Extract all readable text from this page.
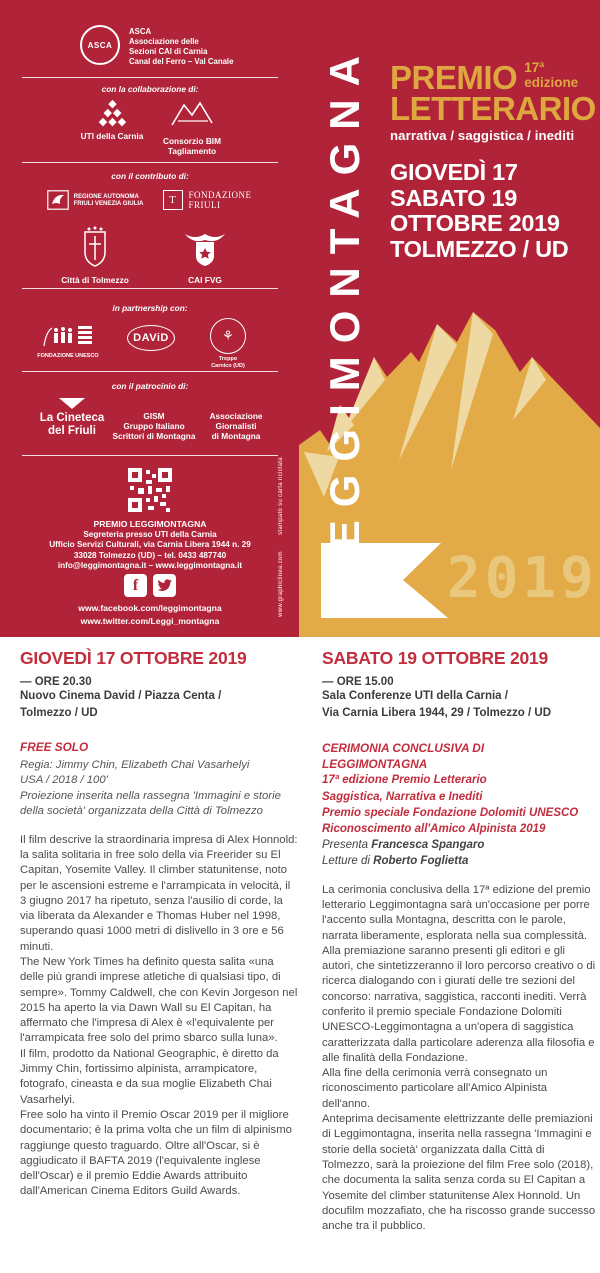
2019
LEGGIMONTAGNA PREMIO 17ª edizione
LETTERARIO
narrativa / saggistica / inediti
GIOVEDÌ 17
SABATO 19
OTTOBRE 2019
TOLMEZZO / UD
ASCA
ASCA
Associazione delle
Sezioni CAI di Carnia
Canal del Ferro – Val Canale
con la collaborazione di:
◆
◆ ◆
◆ ◆ ◆
UTI della Carnia	Consorzio BIM
Tagliamento
con il contributo di:
REGIONE AUTONOMA
FRIULI VENEZIA GIULIA	T	FONDAZIONE
FRIULI
CAI FVG
Città di Tolmezzo
in partnership con:
FONDAZIONE UNESCO
DAViD	⚘
Treppo
Carnico (UD)
con il patrocinio di:
La Cineteca
del Friuli
GISM
Gruppo Italiano
Scrittori di Montagna
Associazione
Giornalisti
di Montagna
PREMIO LEGGIMONTAGNA
Segreteria presso UTI della Carnia
Ufficio Servizi Culturali, via Carnia Libera 1944 n. 29
33028 Tolmezzo (UD) – tel. 0433 487740
info@leggimontagna.it – www.leggimontagna.it
f
www.facebook.com/leggimontagna
www.twitter.com/Leggi_montagna
stampato su carta riciclata
www.graphiclinea.com
GIOVEDÌ 17 OTTOBRE 2019
— ORE 20.30
Nuovo Cinema David / Piazza Centa /
Tolmezzo / UD
FREE SOLO
Regia: Jimmy Chin, Elizabeth Chai Vasarhelyi
USA / 2018 / 100'
Proiezione inserita nella rassegna 'Immagini e storie della società' organizzata della Città di Tolmezzo

Il film descrive la straordinaria impresa di Alex Honnold: la salita solitaria in free solo della via Freerider su El Capitan, Yosemite Valley. Il climber statunitense, noto per le ascensioni estreme e l'arrampicata in velocità, il 3 giugno 2017 ha ripetuto, senza l'ausilio di corde, la via liberata da Alexander e Thomas Huber nel 1998, superando quasi 1000 metri di dislivello in 3 ore e 56 minuti.

The New York Times ha definito questa salita «una delle più grandi imprese atletiche di qualsiasi tipo, di sempre». Tommy Caldwell, che con Kevin Jorgeson nel 2015 ha aperto la via Dawn Wall su El Capitan, ha affermato che l'impresa di Alex è «l'equivalente per l'arrampicata free solo del primo sbarco sulla luna».

Il film, prodotto da National Geographic, è diretto da Jimmy Chin, fortissimo alpinista, arrampicatore, fotografo, cineasta e da sua moglie Elizabeth Chai Vasarhelyi.

Free solo ha vinto il Premio Oscar 2019 per il migliore documentario; è la prima volta che un film di alpinismo raggiunge questo traguardo. Oltre all'Oscar, si è aggiudicato il BAFTA 2019 (l'equivalente inglese dell'Oscar) e il premio Eddie Awards attribuito dall'American Cinema Editors Guild Awards.

SABATO 19 OTTOBRE 2019
— ORE 15.00
Sala Conferenze UTI della Carnia /
Via Carnia Libera 1944, 29 / Tolmezzo / UD
CERIMONIA CONCLUSIVA DI
LEGGIMONTAGNA
17ª edizione Premio Letterario
Saggistica, Narrativa e Inediti
Premio speciale Fondazione Dolomiti UNESCO
Riconoscimento all'Amico Alpinista 2019
Presenta Francesca Spangaro
Letture di Roberto Foglietta

La cerimonia conclusiva della 17ª edizione del premio letterario Leggimontagna sarà un'occasione per porre l'accento sulla Montagna, descritta con le parole, narrata liberamente, esplorata nella sua complessità. Alla premiazione saranno presenti gli editori e gli autori, che sintetizzeranno il loro percorso creativo o di ricerca dialogando con i giurati delle tre sezioni del concorso: narrativa, saggistica, racconti inediti. Verrà conferito il premio speciale Fondazione Dolomiti UNESCO-Leggimontagna a un'opera di saggistica caratterizzata dalla particolare aderenza alla filosofia e alle finalità della Fondazione.

Alla fine della cerimonia verrà consegnato un riconoscimento particolare all'Amico Alpinista dell'anno.

Anteprima decisamente elettrizzante delle premiazioni di Leggimontagna, inserita nella rassegna 'Immagini e storie della società' organizzata dalla Città di Tolmezzo, sarà la proiezione del film Free solo (2018), che documenta la salita senza corda su El Capitan a Yosemite del climber statunitense Alex Honnold. Un docufilm mozzafiato, che ha riscosso grande successo anche tra il pubblico.
